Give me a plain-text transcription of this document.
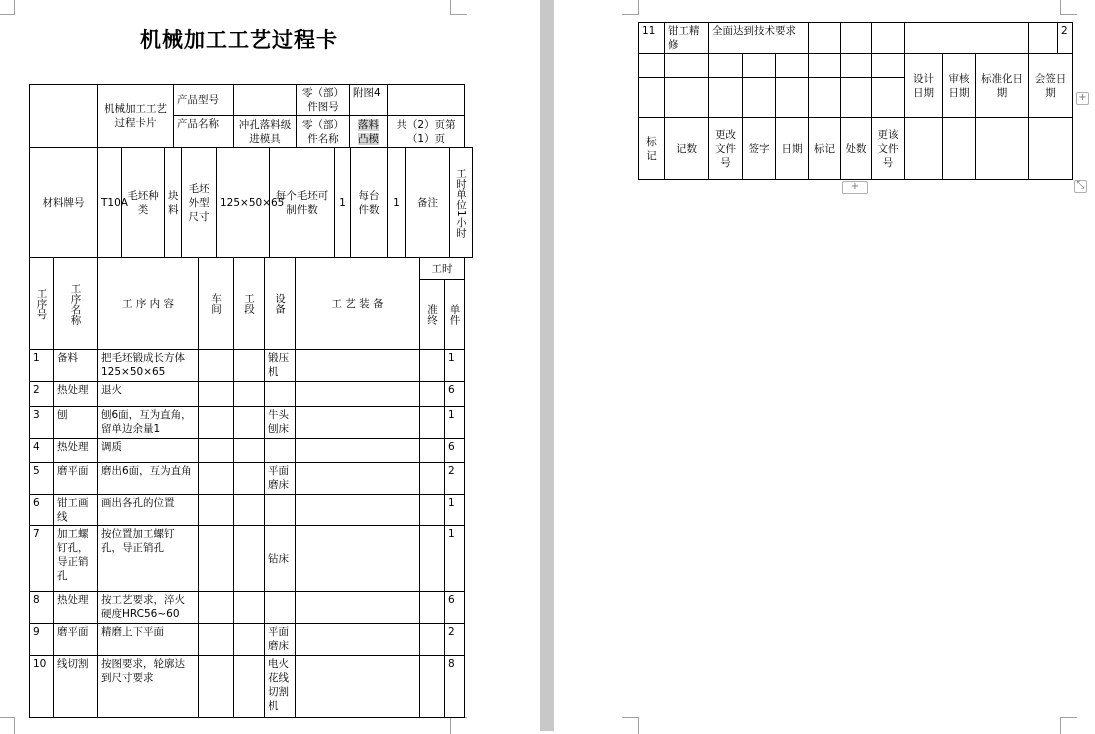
机械加工工艺过程卡
	机械加工工艺过程卡片	产品型号		零（部）件图号	附图4	
		产品名称	冲孔落料级进模具	零（部）件名称	落料凸模	共（2）页第（1）页
材料牌号	T10A	毛坯种类	块料	毛坯外型尺寸	125×50×65	每个毛坯可制件数	1	每台件数	1	备注	工时单位1小时
工序号	工序名称	工 序 内 容	车间	工段	设备	工 艺 装 备	工时	
							准终	单件
1	备料	把毛坯锻成长方体125×50×65			锻压机			1
2	热处理	退火						6
3	刨	刨6面，互为直角，留单边余量1			牛头刨床			1
4	热处理	调质						6
5	磨平面	磨出6面，互为直角			平面磨床			2
6	钳工画线	画出各孔的位置						1
7	加工螺钉孔，导正销孔	按位置加工螺钉孔，导正销孔			钻床			1
8	热处理	按工艺要求，淬火硬度HRC56~60						6
9	磨平面	精磨上下平面			平面磨床			2
10	线切割	按图要求，轮廓达到尺寸要求			电火花线切割机			8
11	钳工精修	全面达到技术要求										2
								设计日期	审核日期	标准化日期	会签日期	

标记	记数	更改文件号	签字	日期	标记	处数	更该文件号					
+
+	⤡
